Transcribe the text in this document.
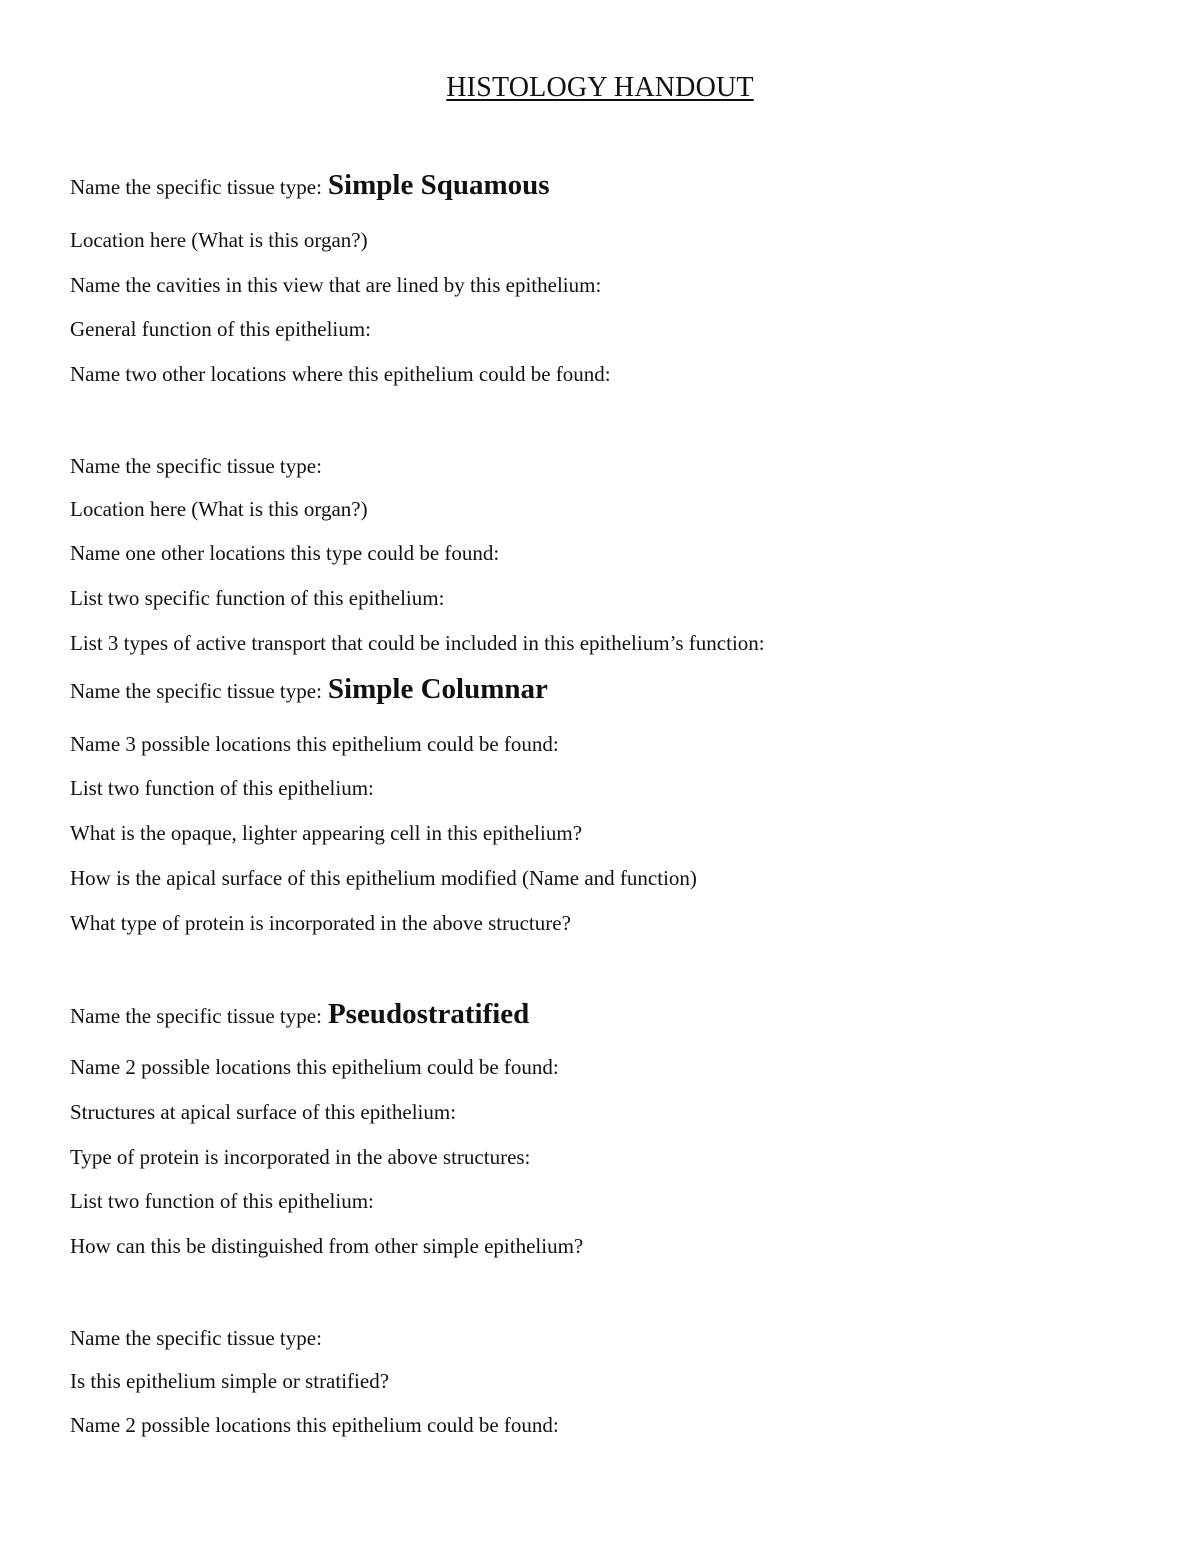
HISTOLOGY HANDOUT
Name the specific tissue type: Simple Squamous
Location here (What is this organ?)
Name the cavities in this view that are lined by this epithelium:
General function of this epithelium:
Name two other locations where this epithelium could be found:
Name the specific tissue type:
Location here (What is this organ?)
Name one other locations this type could be found:
List two specific function of this epithelium:
List 3 types of active transport that could be included in this epithelium’s function:
Name the specific tissue type: Simple Columnar
Name 3 possible locations this epithelium could be found:
List two function of this epithelium:
What is the opaque, lighter appearing cell in this epithelium?
How is the apical surface of this epithelium modified (Name and function)
What type of protein is incorporated in the above structure?
Name the specific tissue type: Pseudostratified
Name 2 possible locations this epithelium could be found:
Structures at apical surface of this epithelium:
Type of protein is incorporated in the above structures:
List two function of this epithelium:
How can this be distinguished from other simple epithelium?
Name the specific tissue type:
Is this epithelium simple or stratified?
Name 2 possible locations this epithelium could be found:
